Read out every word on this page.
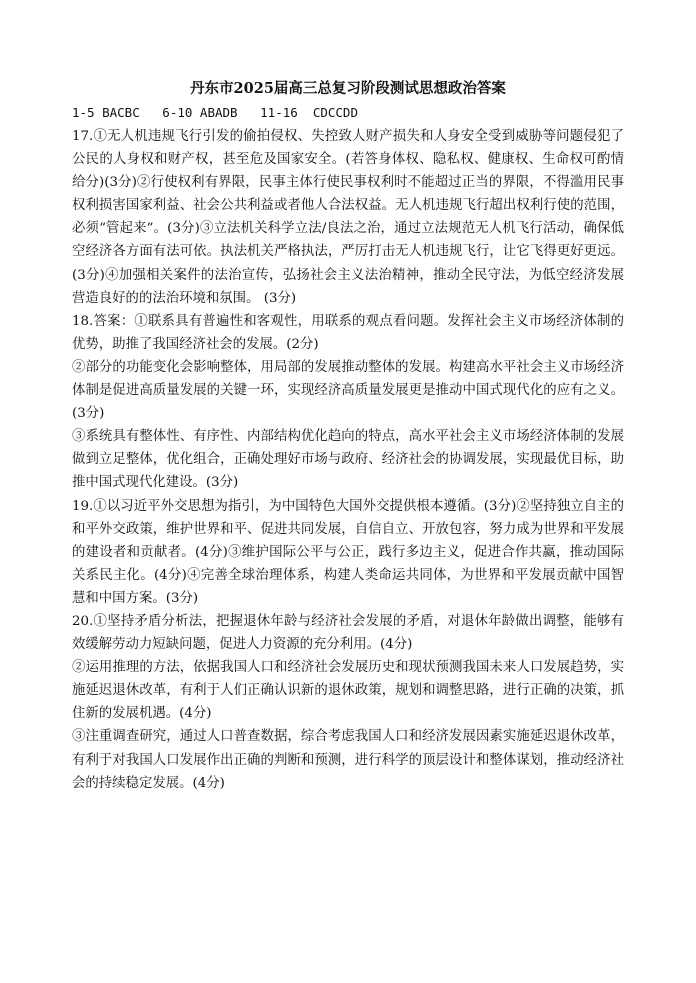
丹东市2025届高三总复习阶段测试思想政治答案
1-5 BACBC   6-10 ABADB   11-16  CDCCDD

17.①无人机违规飞行引发的偷拍侵权、失控致人财产损失和人身安全受到威胁等问题侵犯了公民的人身权和财产权，甚至危及国家安全。(若答身体权、隐私权、健康权、生命权可酌情给分)(3分)②行使权利有界限，民事主体行使民事权利时不能超过正当的界限，不得滥用民事权利损害国家利益、社会公共利益或者他人合法权益。无人机违规飞行超出权利行使的范围，必须“管起来”。(3分)③立法机关科学立法/良法之治，通过立法规范无人机飞行活动，确保低空经济各方面有法可依。执法机关严格执法，严厉打击无人机违规飞行，让它飞得更好更远。(3分)④加强相关案件的法治宣传，弘扬社会主义法治精神，推动全民守法，为低空经济发展营造良好的的法治环境和氛围。 (3分)

18.答案：①联系具有普遍性和客观性，用联系的观点看问题。发挥社会主义市场经济体制的优势，助推了我国经济社会的发展。(2分)

②部分的功能变化会影响整体，用局部的发展推动整体的发展。构建高水平社会主义市场经济体制是促进高质量发展的关键一环，实现经济高质量发展更是推动中国式现代化的应有之义。(3分)

③系统具有整体性、有序性、内部结构优化趋向的特点，高水平社会主义市场经济体制的发展做到立足整体，优化组合，正确处理好市场与政府、经济社会的协调发展，实现最优目标，助推中国式现代化建设。(3分)

19.①以习近平外交思想为指引，为中国特色大国外交提供根本遵循。(3分)②坚持独立自主的和平外交政策，维护世界和平、促进共同发展，自信自立、开放包容，努力成为世界和平发展的建设者和贡献者。(4分)③维护国际公平与公正，践行多边主义，促进合作共赢，推动国际关系民主化。(4分)④完善全球治理体系，构建人类命运共同体，为世界和平发展贡献中国智慧和中国方案。(3分)

20.①坚持矛盾分析法，把握退休年龄与经济社会发展的矛盾，对退休年龄做出调整，能够有效缓解劳动力短缺问题，促进人力资源的充分利用。(4分)

②运用推理的方法，依据我国人口和经济社会发展历史和现状预测我国未来人口发展趋势，实施延迟退休改革，有利于人们正确认识新的退休政策，规划和调整思路，进行正确的决策，抓住新的发展机遇。(4分)

③注重调查研究，通过人口普查数据，综合考虑我国人口和经济发展因素实施延迟退休改革，有利于对我国人口发展作出正确的判断和预测，进行科学的顶层设计和整体谋划，推动经济社会的持续稳定发展。(4分)
